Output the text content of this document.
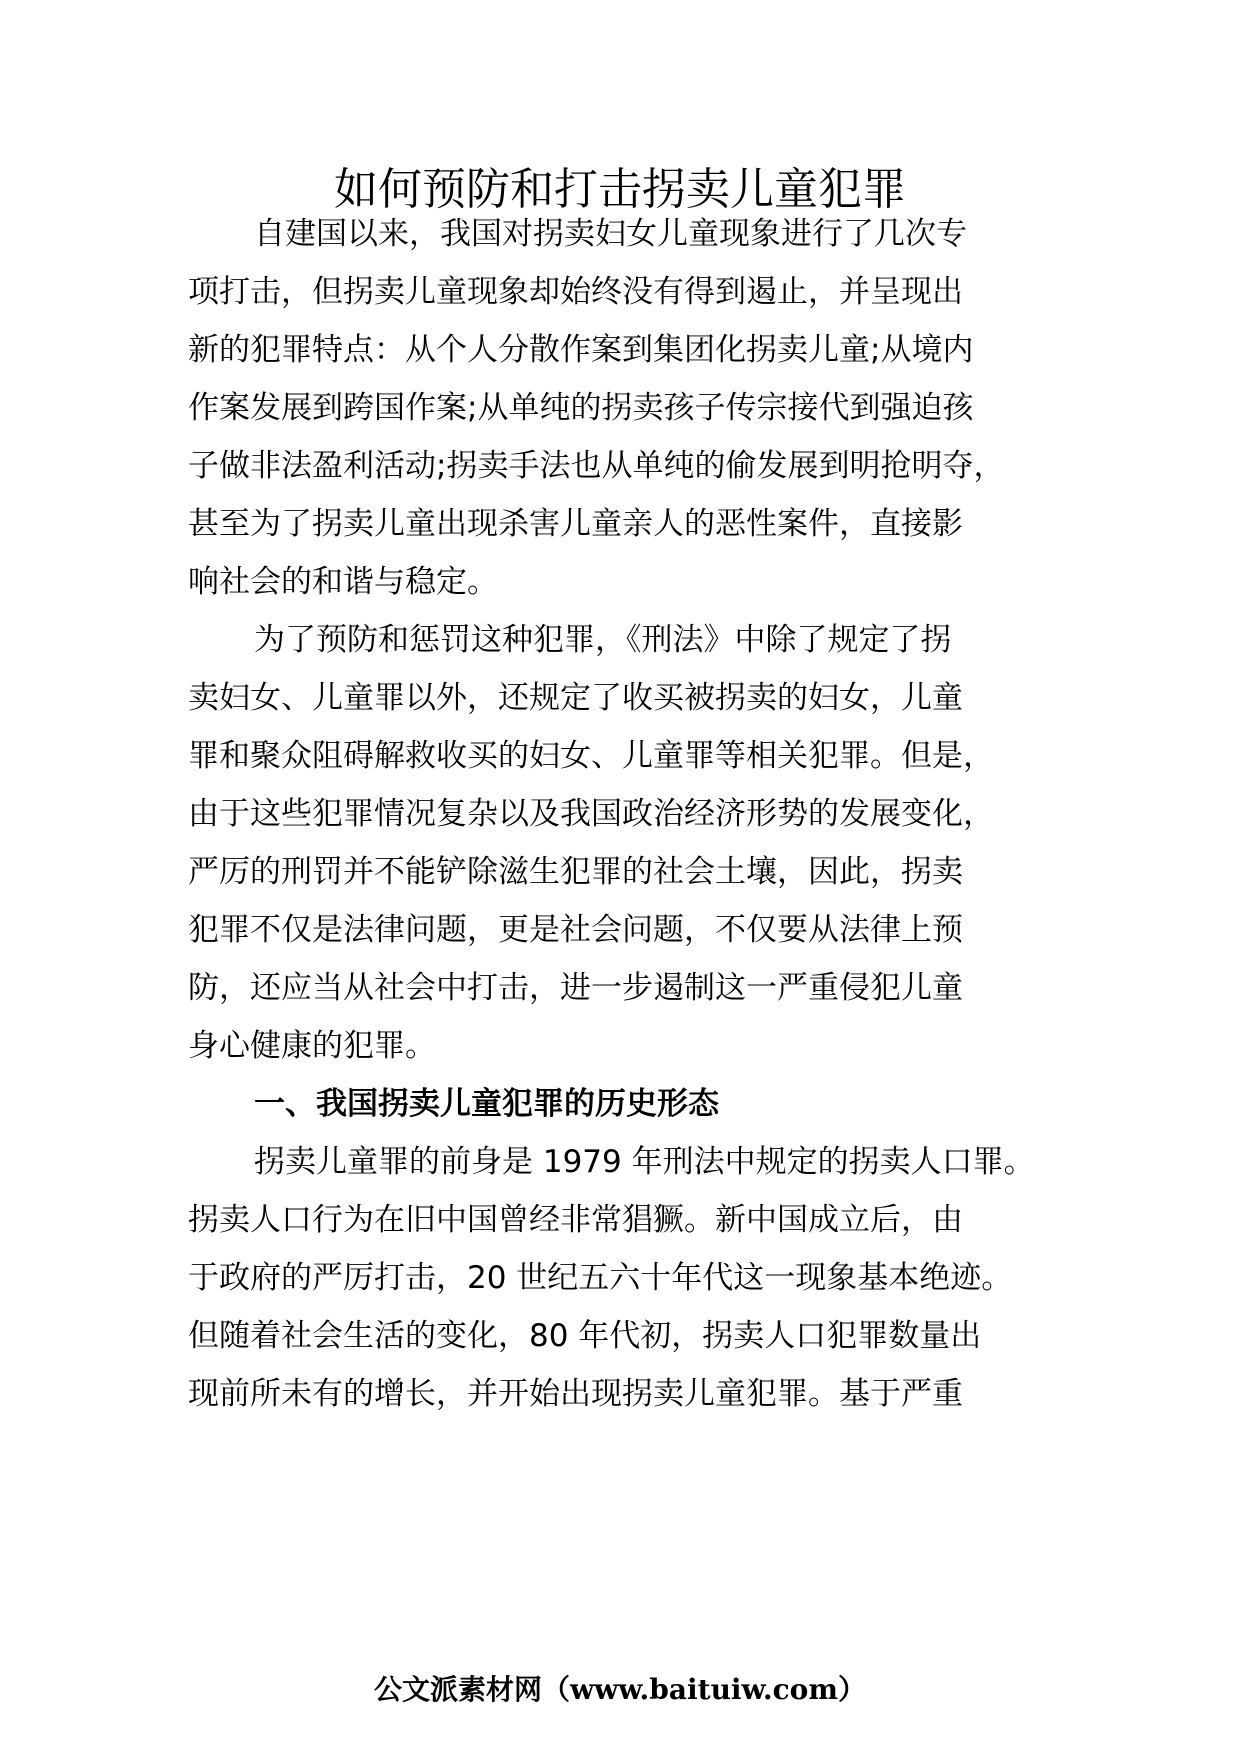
如何预防和打击拐卖儿童犯罪
自建国以来，我国对拐卖妇女儿童现象进行了几次专
项打击，但拐卖儿童现象却始终没有得到遏止，并呈现出
新的犯罪特点：从个人分散作案到集团化拐卖儿童;从境内
作案发展到跨国作案;从单纯的拐卖孩子传宗接代到强迫孩
子做非法盈利活动;拐卖手法也从单纯的偷发展到明抢明夺，
甚至为了拐卖儿童出现杀害儿童亲人的恶性案件，直接影
响社会的和谐与稳定。
为了预防和惩罚这种犯罪，《刑法》中除了规定了拐
卖妇女、儿童罪以外，还规定了收买被拐卖的妇女，儿童
罪和聚众阻碍解救收买的妇女、儿童罪等相关犯罪。但是，
由于这些犯罪情况复杂以及我国政治经济形势的发展变化，
严厉的刑罚并不能铲除滋生犯罪的社会土壤，因此，拐卖
犯罪不仅是法律问题，更是社会问题，不仅要从法律上预
防，还应当从社会中打击，进一步遏制这一严重侵犯儿童
身心健康的犯罪。
一、我国拐卖儿童犯罪的历史形态
拐卖儿童罪的前身是 1979 年刑法中规定的拐卖人口罪。
拐卖人口行为在旧中国曾经非常猖獗。新中国成立后，由
于政府的严厉打击，20 世纪五六十年代这一现象基本绝迹。
但随着社会生活的变化，80 年代初，拐卖人口犯罪数量出
现前所未有的增长，并开始出现拐卖儿童犯罪。基于严重
公文派素材网（www.baituiw.com）
